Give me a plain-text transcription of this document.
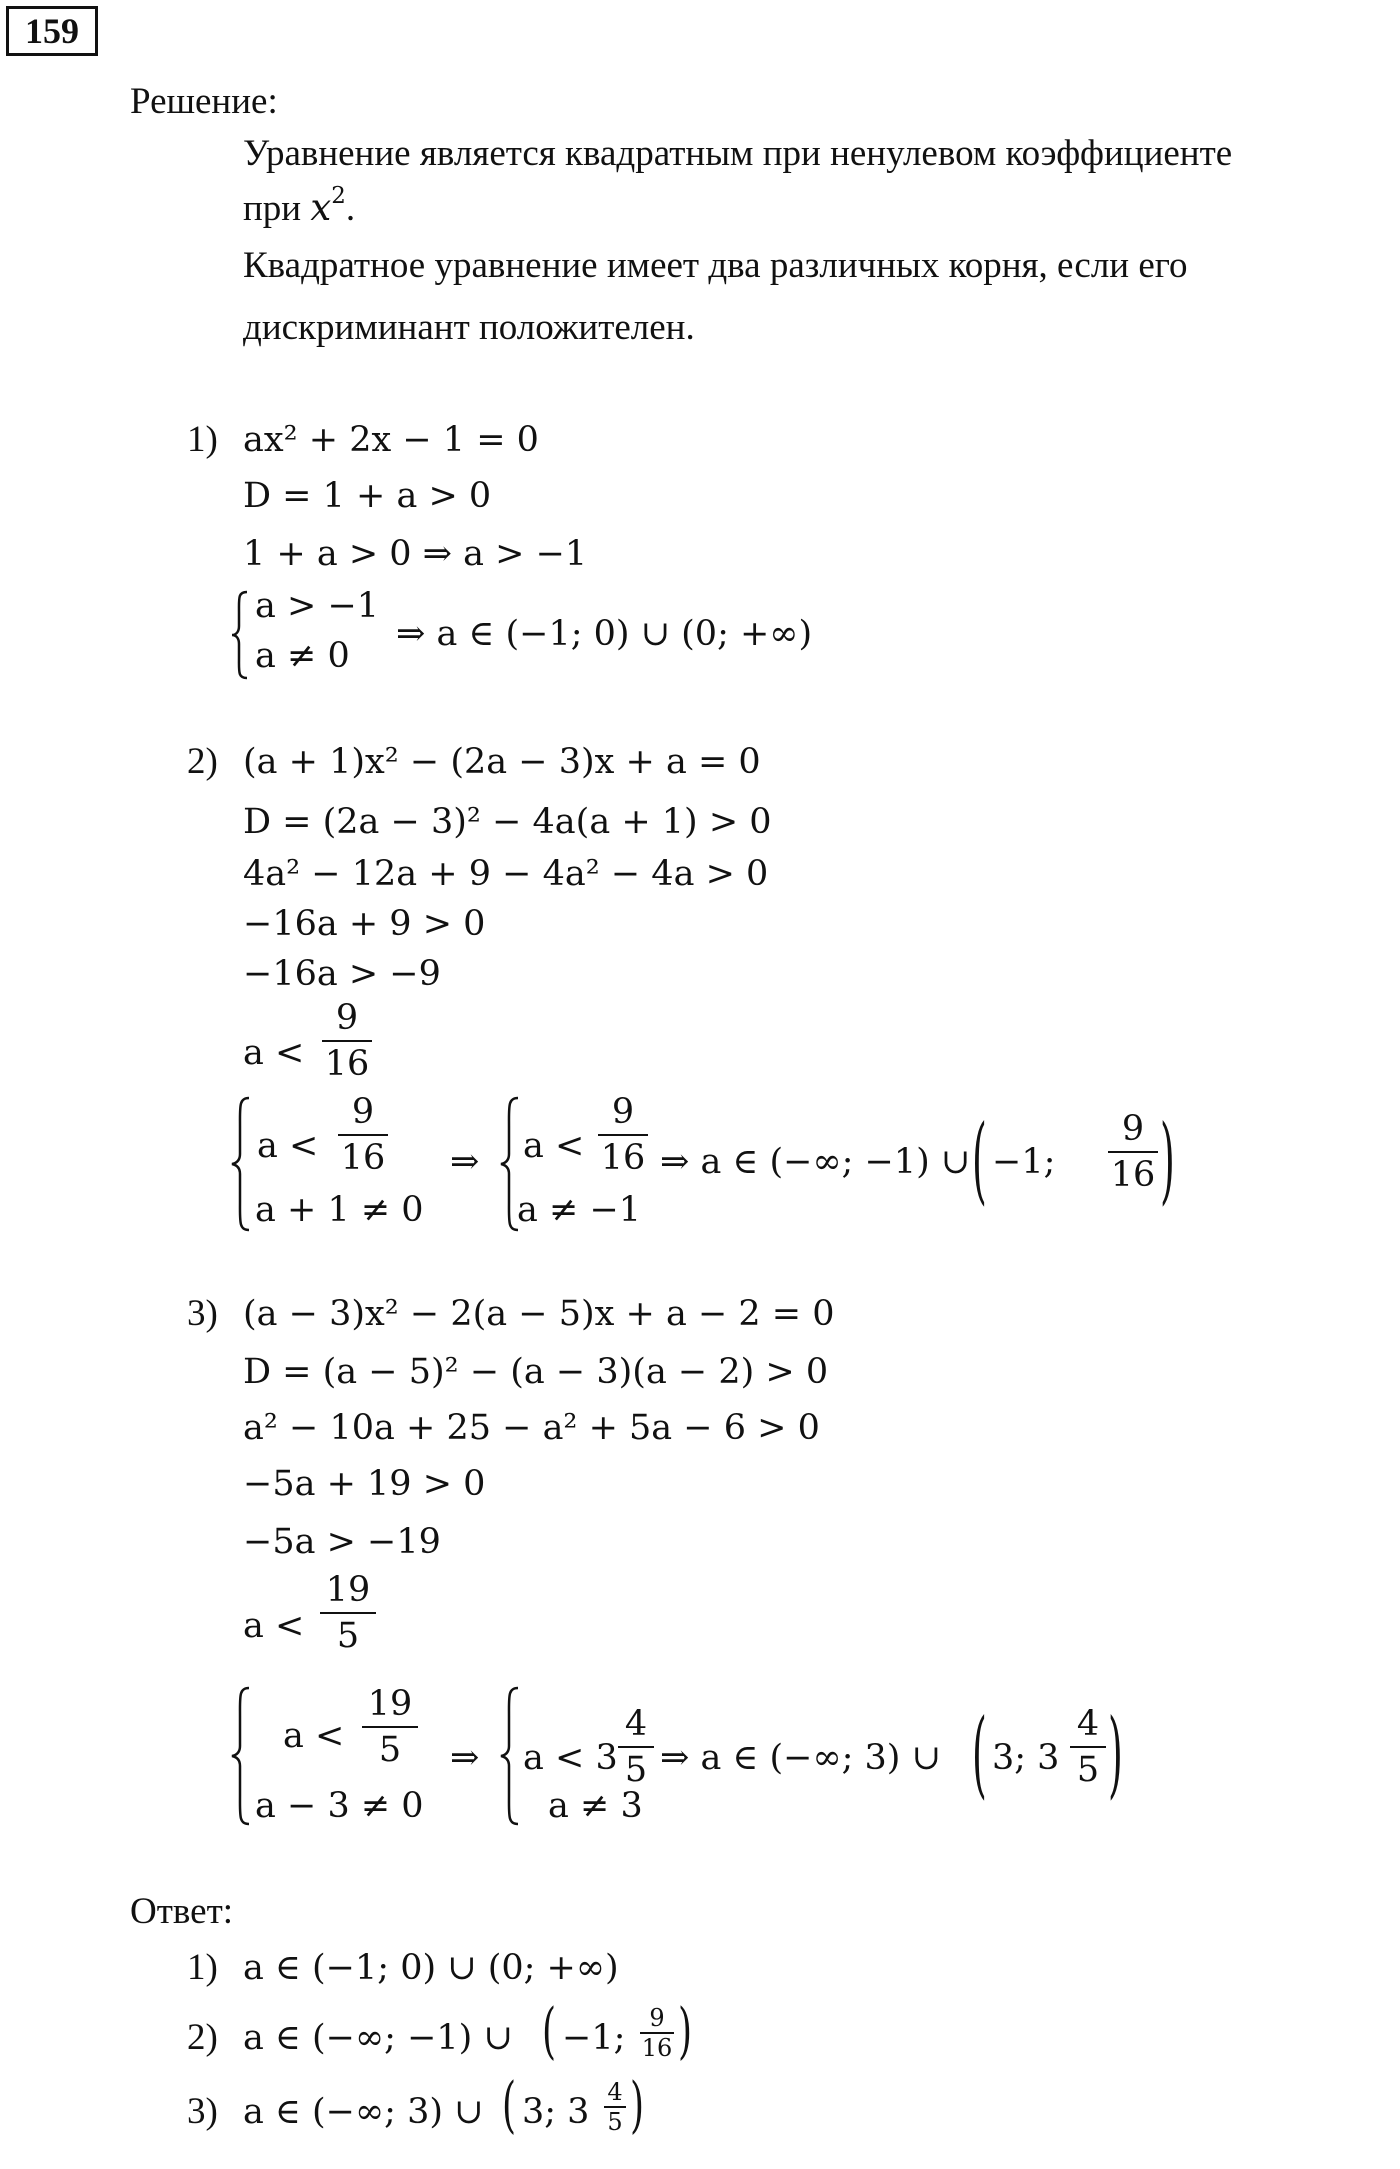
159
Решение:
Уравнение является квадратным при ненулевом коэффициенте
при $x^2$.
Квадратное уравнение имеет два различных корня, если его
дискриминант положителен.
1) ax² + 2x − 1 = 0
D = 1 + a > 0
1 + a > 0 ⇒ a > −1
a > −1
a ≠ 0
⇒ a ∈ (−1; 0) ∪ (0; +∞)
2) (a + 1)x² − (2a − 3)x + a = 0
D = (2a − 3)² − 4a(a + 1) > 0
4a² − 12a + 9 − 4a² − 4a > 0
−16a + 9 > 0
−16a > −9
a <
9
16
a <
9
16
a + 1 ≠ 0
⇒ a <
9
16
a ≠ −1
⇒ a ∈ (−∞; −1) ∪ ( −1;
9
16 )
3) (a − 3)x² − 2(a − 5)x + a − 2 = 0
D = (a − 5)² − (a − 3)(a − 2) > 0
a² − 10a + 25 − a² + 5a − 6 > 0
−5a + 19 > 0
−5a > −19
a <
19
5
a <
19
5
a − 3 ≠ 0
⇒ a < 3
4
5
a ≠ 3
⇒ a ∈ (−∞; 3) ∪ ( 3; 3
4
5 )
Ответ:
1) a ∈ (−1; 0) ∪ (0; +∞)
2) a ∈ (−∞; −1) ∪ ( −1; 9
16 )
3) a ∈ (−∞; 3) ∪ ( 3; 3 4
5 )
